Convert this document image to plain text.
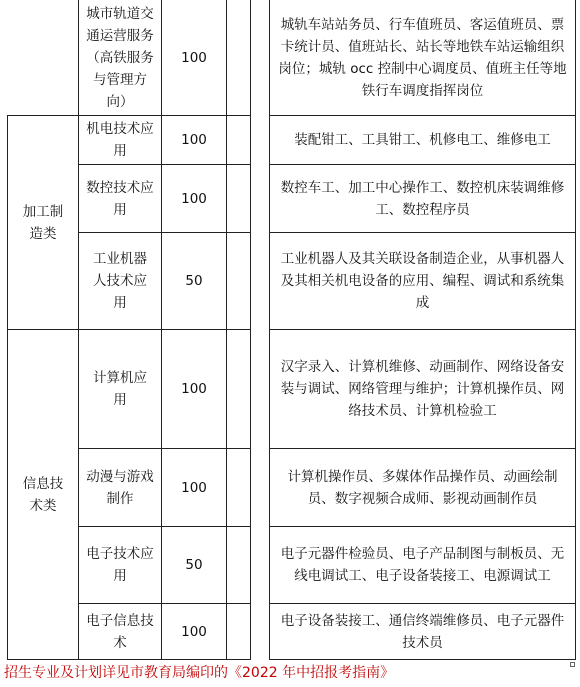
城市轨道交通运营服务（高铁服务与管理方向）
100
城轨车站站务员、行车值班员、客运值班员、票卡统计员、值班站长、站长等地铁车站运输组织岗位；城轨 occ 控制中心调度员、值班主任等地铁行车调度指挥岗位
加工制造类
机电技术应用
100	装配钳工、工具钳工、机修电工、维修电工
数控技术应用
100
数控车工、加工中心操作工、数控机床装调维修工、数控程序员
工业机器人技术应用
50
工业机器人及其关联设备制造企业，从事机器人及其相关机电设备的应用、编程、调试和系统集成
信息技术类
计算机应用
100
汉字录入、计算机维修、动画制作、网络设备安装与调试、网络管理与维护；计算机操作员、网络技术员、计算机检验工
动漫与游戏制作
100
计算机操作员、多媒体作品操作员、动画绘制员、数字视频合成师、影视动画制作员
电子技术应用
50
电子元器件检验员、电子产品制图与制板员、无线电调试工、电子设备装接工、电源调试工
电子信息技术
100
电子设备装接工、通信终端维修员、电子元器件技术员
招生专业及计划详见市教育局编印的《2022 年中招报考指南》
